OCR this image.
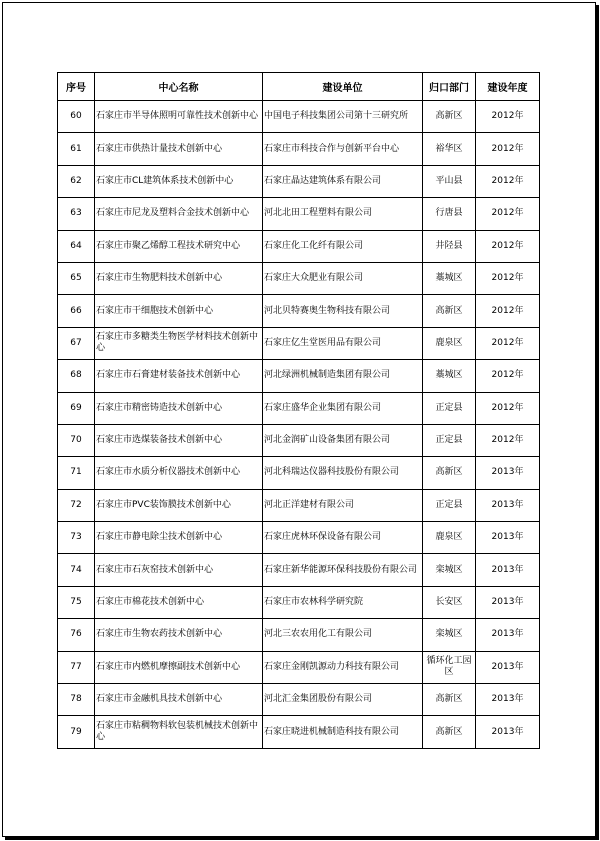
序号	中心名称	建设单位	归口部门	建设年度
60	石家庄市半导体照明可靠性技术创新中心	中国电子科技集团公司第十三研究所	高新区	2012年
61	石家庄市供热计量技术创新中心	石家庄市科技合作与创新平台中心	裕华区	2012年
62	石家庄市CL建筑体系技术创新中心	石家庄晶达建筑体系有限公司	平山县	2012年
63	石家庄市尼龙及塑料合金技术创新中心	河北北田工程塑料有限公司	行唐县	2012年
64	石家庄市聚乙烯醇工程技术研究中心	石家庄化工化纤有限公司	井陉县	2012年
65	石家庄市生物肥料技术创新中心	石家庄大众肥业有限公司	藁城区	2012年
66	石家庄市干细胞技术创新中心	河北贝特赛奥生物科技有限公司	高新区	2012年
67	石家庄市多糖类生物医学材料技术创新中心	石家庄亿生堂医用品有限公司	鹿泉区	2012年
68	石家庄市石膏建材装备技术创新中心	河北绿洲机械制造集团有限公司	藁城区	2012年
69	石家庄市精密铸造技术创新中心	石家庄盛华企业集团有限公司	正定县	2012年
70	石家庄市选煤装备技术创新中心	河北金润矿山设备集团有限公司	正定县	2012年
71	石家庄市水质分析仪器技术创新中心	河北科瑞达仪器科技股份有限公司	高新区	2013年
72	石家庄市PVC装饰膜技术创新中心	河北正洋建材有限公司	正定县	2013年
73	石家庄市静电除尘技术创新中心	石家庄虎林环保设备有限公司	鹿泉区	2013年
74	石家庄市石灰窑技术创新中心	石家庄新华能源环保科技股份有限公司	栾城区	2013年
75	石家庄市棉花技术创新中心	石家庄市农林科学研究院	长安区	2013年
76	石家庄市生物农药技术创新中心	河北三农农用化工有限公司	栾城区	2013年
77	石家庄市内燃机摩擦副技术创新中心	石家庄金刚凯源动力科技有限公司	循环化工园区	2013年
78	石家庄市金融机具技术创新中心	河北汇金集团股份有限公司	高新区	2013年
79	石家庄市粘稠物料软包装机械技术创新中心	石家庄晓进机械制造科技有限公司	高新区	2013年
